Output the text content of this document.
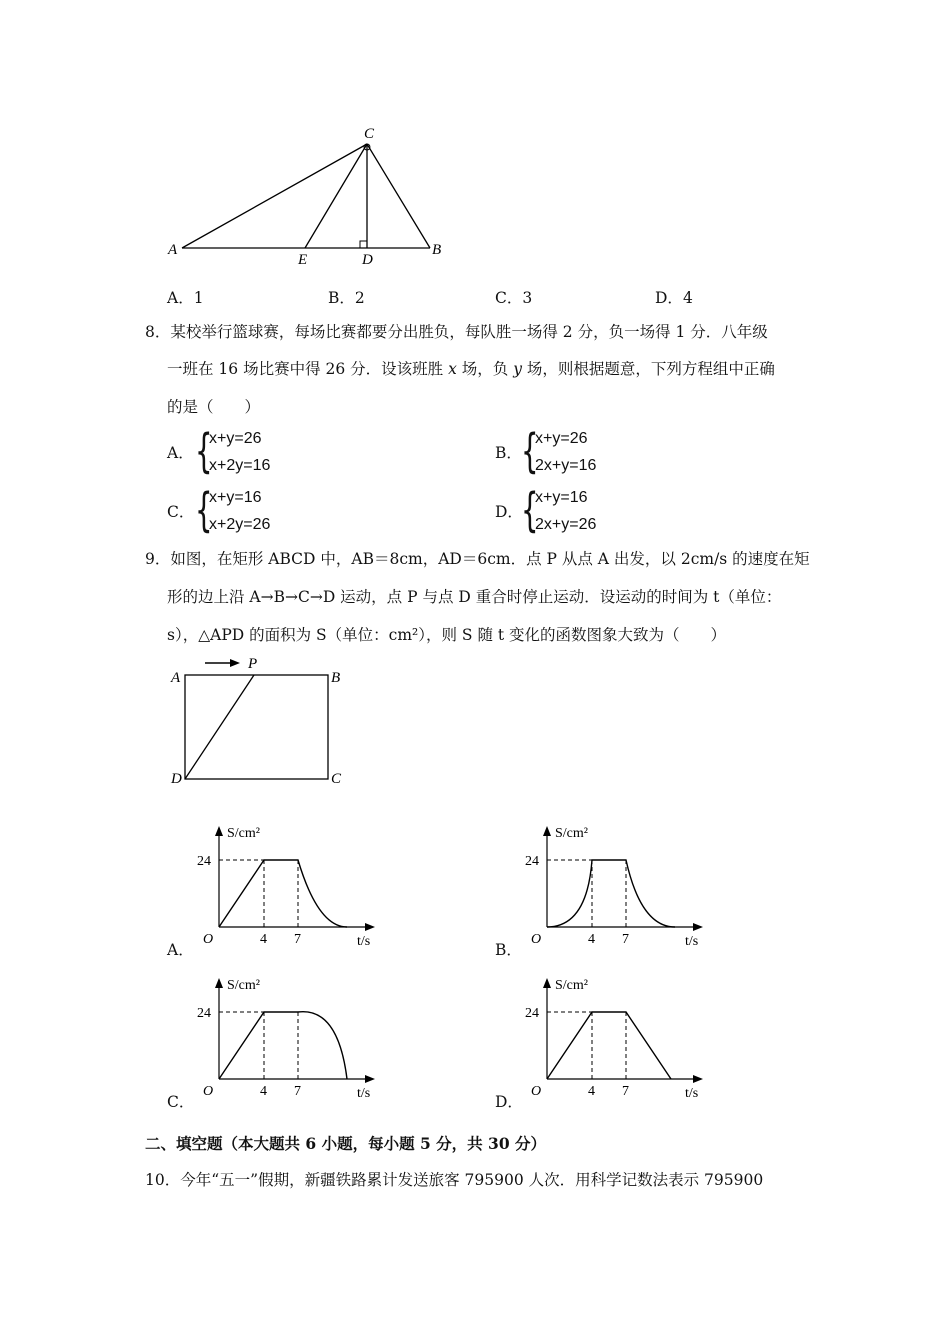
A
E	D
B
C
A．1	B．2	C．3	D．4
8．某校举行篮球赛，每场比赛都要分出胜负，每队胜一场得 2 分，负一场得 1 分．八年级
一班在 16 场比赛中得 26 分．设该班胜 x 场，负 y 场，则根据题意，下列方程组中正确
的是（　　）
A． {
x+y=26
x+2y=16
B． {
x+y=26
2x+y=16
C． {
x+y=16
x+2y=26
D．
{
x+y=16
2x+y=26
9．如图，在矩形 ABCD 中，AB＝8cm，AD＝6cm．点 P 从点 A 出发，以 2cm/s 的速度在矩
形的边上沿 A→B→C→D 运动，点 P 与点 D 重合时停止运动．设运动的时间为 t（单位：
s），△APD 的面积为 S（单位：cm²），则 S 随 t 变化的函数图象大致为（　　）
A
P
B
D	C
S/cm²
24
O	4 7	t/s
A．
S/cm²
24
O	4 7	t/s
B．
S/cm²
24
O	4 7	t/s
C．
S/cm²
24
O	4 7	t/s
D．
二、填空题（本大题共 6 小题，每小题 5 分，共 30 分）
10．今年“五一”假期，新疆铁路累计发送旅客 795900 人次．用科学记数法表示 795900
